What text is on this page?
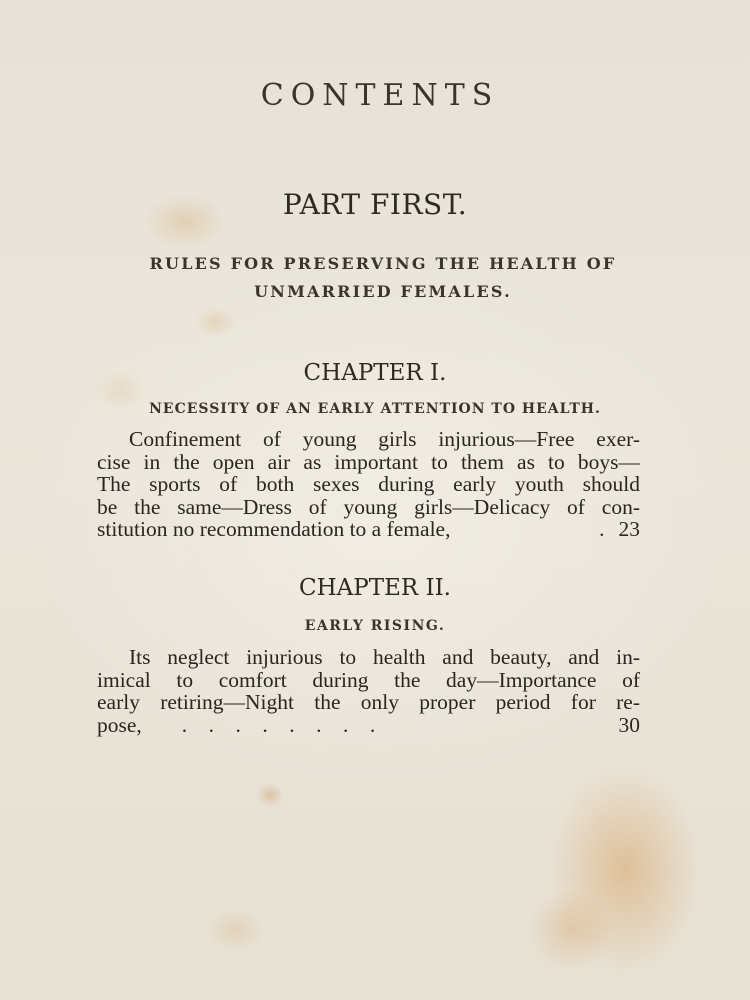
CONTENTS
PART FIRST.
RULES FOR PRESERVING THE HEALTH OF
UNMARRIED FEMALES.
CHAPTER I.
NECESSITY OF AN EARLY ATTENTION TO HEALTH.
Confinement of young girls injurious—Free exer-
cise in the open air as important to them as to boys—
The sports of both sexes during early youth should
be the same—Dress of young girls—Delicacy of con-
stitution no recommendation to a female,	. 23
CHAPTER II.
EARLY RISING.
Its neglect injurious to health and beauty, and in-
imical to comfort during the day—Importance of
early retiring—Night the only proper period for re-
pose, .    .    .    .    .    .    .    .	30
